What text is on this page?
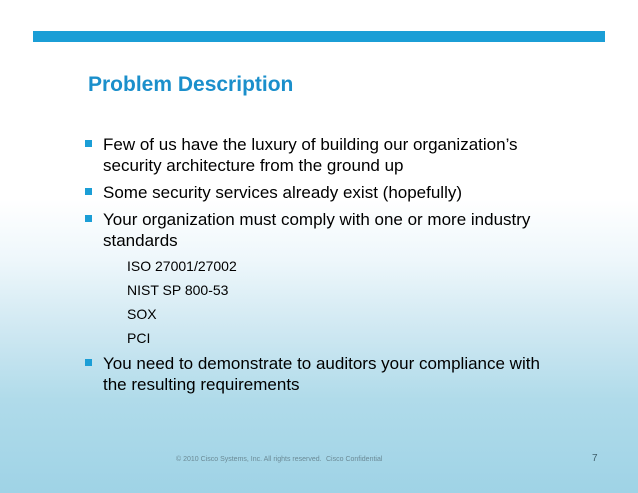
Problem Description
Few of us have the luxury of building our organization’s security architecture from the ground up
Some security services already exist (hopefully)
Your organization must comply with one or more industry standards
ISO 27001/27002
NIST SP 800-53
SOX
PCI
You need to demonstrate to auditors your compliance with the resulting requirements
© 2010 Cisco Systems, Inc. All rights reserved. Cisco Confidential	7
